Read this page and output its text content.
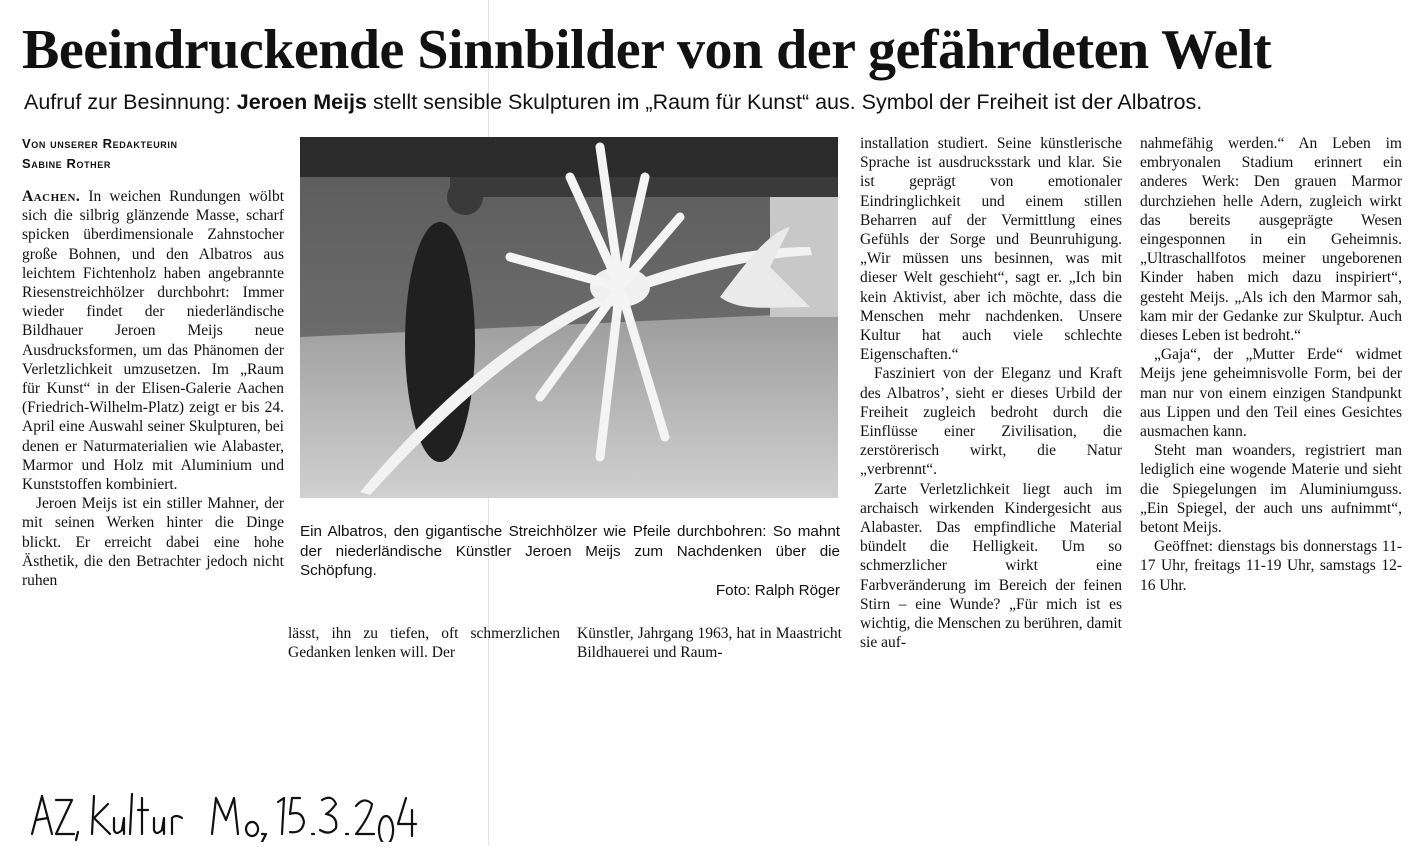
Beeindruckende Sinnbilder von der gefährdeten Welt
Aufruf zur Besinnung: Jeroen Meijs stellt sensible Skulpturen im „Raum für Kunst“ aus. Symbol der Freiheit ist der Albatros.
Von unserer Redakteurin
Sabine Rother

Aachen. In weichen Rundungen wölbt sich die silbrig glänzende Masse, scharf spicken überdimensionale Zahnstocher große Bohnen, und den Albatros aus leichtem Fichtenholz haben angebrannte Riesenstreichhölzer durchbohrt: Immer wieder findet der niederländische Bildhauer Jeroen Meijs neue Ausdrucksformen, um das Phänomen der Verletzlichkeit umzusetzen. Im „Raum für Kunst“ in der Elisen-Galerie Aachen (Friedrich-Wilhelm-Platz) zeigt er bis 24. April eine Auswahl seiner Skulpturen, bei denen er Naturmaterialien wie Alabaster, Marmor und Holz mit Aluminium und Kunststoffen kombiniert.

Jeroen Meijs ist ein stiller Mahner, der mit seinen Werken hinter die Dinge blickt. Er erreicht dabei eine hohe Ästhetik, die den Betrachter jedoch nicht ruhen

Ein Albatros, den gigantische Streichhölzer wie Pfeile durchbohren: So mahnt der niederländische Künstler Jeroen Meijs zum Nachdenken über die Schöpfung.
Foto: Ralph Röger

lässt, ihn zu tiefen, oft schmerzlichen Gedanken lenken will. Der

Künstler, Jahrgang 1963, hat in Maastricht Bildhauerei und Raum-

installation studiert. Seine künstlerische Sprache ist ausdrucksstark und klar. Sie ist geprägt von emotionaler Eindringlichkeit und einem stillen Beharren auf der Vermittlung eines Gefühls der Sorge und Beunruhigung. „Wir müssen uns besinnen, was mit dieser Welt geschieht“, sagt er. „Ich bin kein Aktivist, aber ich möchte, dass die Menschen mehr nachdenken. Unsere Kultur hat auch viele schlechte Eigenschaften.“

Fasziniert von der Eleganz und Kraft des Albatros’, sieht er dieses Urbild der Freiheit zugleich bedroht durch die Einflüsse einer Zivilisation, die zerstörerisch wirkt, die Natur „verbrennt“.

Zarte Verletzlichkeit liegt auch im archaisch wirkenden Kindergesicht aus Alabaster. Das empfindliche Material bündelt die Helligkeit. Um so schmerzlicher wirkt eine Farbveränderung im Bereich der feinen Stirn – eine Wunde? „Für mich ist es wichtig, die Menschen zu berühren, damit sie auf-

nahmefähig werden.“ An Leben im embryonalen Stadium erinnert ein anderes Werk: Den grauen Marmor durchziehen helle Adern, zugleich wirkt das bereits ausgeprägte Wesen eingesponnen in ein Geheimnis. „Ultraschallfotos meiner ungeborenen Kinder haben mich dazu inspiriert“, gesteht Meijs. „Als ich den Marmor sah, kam mir der Gedanke zur Skulptur. Auch dieses Leben ist bedroht.“

„Gaja“, der „Mutter Erde“ widmet Meijs jene geheimnisvolle Form, bei der man nur von einem einzigen Standpunkt aus Lippen und den Teil eines Gesichtes ausmachen kann.

Steht man woanders, registriert man lediglich eine wogende Materie und sieht die Spiegelungen im Aluminiumguss. „Ein Spiegel, der auch uns aufnimmt“, betont Meijs.

Geöffnet: dienstags bis donnerstags 11-17 Uhr, freitags 11-19 Uhr, samstags 12-16 Uhr.
